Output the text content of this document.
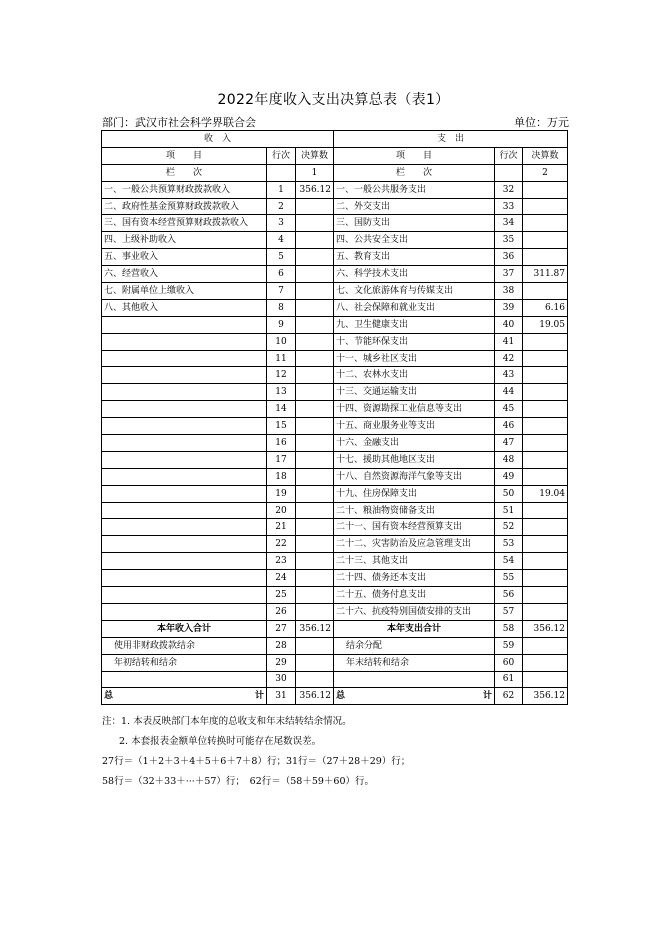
2022年度收入支出决算总表（表1）
部门：武汉市社会科学界联合会	单位：万元
收　入			支　出		
项　　目	行次	决算数	项　　目	行次	决算数
栏　　次		1	栏　　次		2
一、一般公共预算财政拨款收入	1	356.12	一、一般公共服务支出	32	
二、政府性基金预算财政拨款收入	2		二、外交支出	33	
三、国有资本经营预算财政拨款收入	3		三、国防支出	34	
四、上级补助收入	4		四、公共安全支出	35	
五、事业收入	5		五、教育支出	36	
六、经营收入	6		六、科学技术支出	37	311.87
七、附属单位上缴收入	7		七、文化旅游体育与传媒支出	38	
八、其他收入	8		八、社会保障和就业支出	39	6.16
	9		九、卫生健康支出	40	19.05
	10		十、节能环保支出	41	
	11		十一、城乡社区支出	42	
	12		十二、农林水支出	43	
	13		十三、交通运输支出	44	
	14		十四、资源勘探工业信息等支出	45	
	15		十五、商业服务业等支出	46	
	16		十六、金融支出	47	
	17		十七、援助其他地区支出	48	
	18		十八、自然资源海洋气象等支出	49	
	19		十九、住房保障支出	50	19.04
	20		二十、粮油物资储备支出	51	
	21		二十一、国有资本经营预算支出	52	
	22		二十二、灾害防治及应急管理支出	53	
	23		二十三、其他支出	54	
	24		二十四、债务还本支出	55	
	25		二十五、债务付息支出	56	
	26		二十六、抗疫特别国债安排的支出	57	
本年收入合计	27	356.12	本年支出合计	58	356.12
使用非财政拨款结余	28		结余分配	59	
年初结转和结余	29		年末结转和结余	60	
	30			61	

总 计	31	356.12	总 计	62	356.12
注：1. 本表反映部门本年度的总收支和年末结转结余情况。
2. 本套报表金额单位转换时可能存在尾数误差。
27行＝（1＋2＋3＋4＋5＋6＋7＋8）行；31行＝（27＋28＋29）行；
58行＝（32＋33＋···＋57）行；　62行＝（58＋59＋60）行。
